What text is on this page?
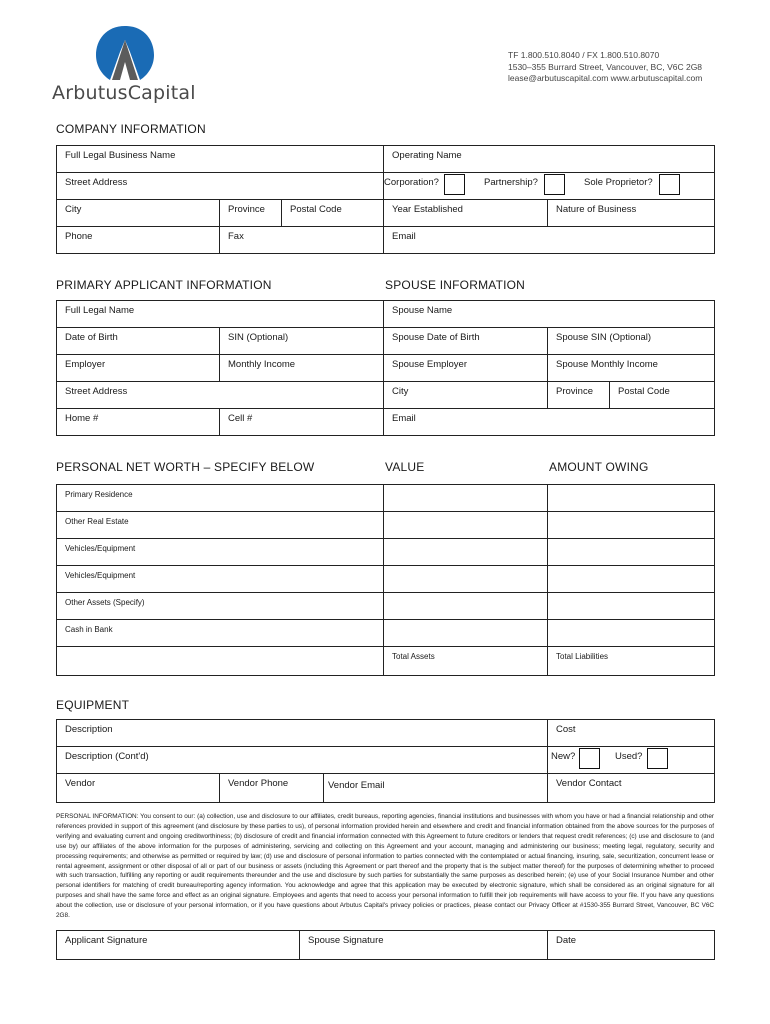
ArbutusCapital
TF 1.800.510.8040 / FX 1.800.510.8070
1530–355 Burrard Street, Vancouver, BC, V6C 2G8
lease@arbutuscapital.com www.arbutuscapital.com
COMPANY INFORMATION
Full Legal Business Name			Operating Name	
Street Address			Corporation? Partnership? Sole Proprietor?	

City	Province	Postal Code	Year Established	Nature of Business
Phone	Fax		Email	
PRIMARY APPLICANT INFORMATION	SPOUSE INFORMATION
Full Legal Name		Spouse Name		
Date of Birth	SIN (Optional)	Spouse Date of Birth	Spouse SIN (Optional)	
Employer	Monthly Income	Spouse Employer	Spouse Monthly Income	
Street Address		City	Province	Postal Code
Home #	Cell #	Email		
PERSONAL NET WORTH – SPECIFY BELOW	VALUE	AMOUNT OWING
Primary Residence		
Other Real Estate		
Vehicles/Equipment		
Vehicles/Equipment		
Other Assets (Specify)		
Cash in Bank		
	Total Assets	Total Liabilities
EQUIPMENT
Description			Cost
Description (Cont'd)			New? Used?

Vendor	Vendor Phone	Vendor Email	Vendor Contact
PERSONAL INFORMATION: You consent to our: (a) collection, use and disclosure to our affiliates, credit bureaus, reporting agencies, financial institutions and businesses with whom you have or had a financial relationship and other references provided in support of this agreement (and disclosure by these parties to us), of personal information provided herein and elsewhere and credit and financial information obtained from the above sources for the purposes of verifying and evaluating current and ongoing creditworthiness; (b) disclosure of credit and financial information connected with this Agreement to future creditors or lenders that request credit references; (c) use and disclosure to (and use by) our affiliates of the above information for the purposes of administering, servicing and collecting on this Agreement and your account, managing and administering our business; meeting legal, regulatory, security and processing requirements; and otherwise as permitted or required by law; (d) use and disclosure of personal information to parties connected with the contemplated or actual financing, insuring, sale, securitization, concurrent lease or rental agreement, assignment or other disposal of all or part of our business or assets (including this Agreement or part thereof and the property that is the subject matter thereof) for the purposes of determining whether to proceed with such transaction, fulfilling any reporting or audit requirements thereunder and the use and disclosure by such parties for substantially the same purposes as described herein; (e) use of your Social Insurance Number and other personal identifiers for matching of credit bureau/reporting agency information. You acknowledge and agree that this application may be executed by electronic signature, which shall be considered as an original signature for all purposes and shall have the same force and effect as an original signature. Employees and agents that need to access your personal information to fulfill their job requirements will have access to your file. If you have any questions about the collection, use or disclosure of your personal information, or if you have questions about Arbutus Capital's privacy policies or practices, please contact our Privacy Officer at #1530-355 Burrard Street, Vancouver, BC V6C 2G8.
Applicant Signature	Spouse Signature	Date
